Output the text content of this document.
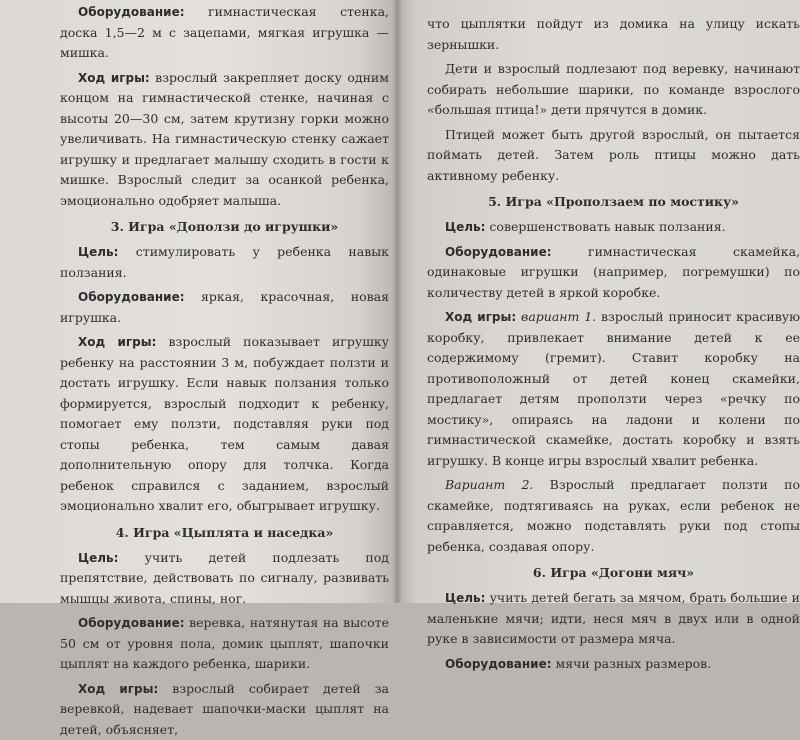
Оборудование: гимнастическая стенка, доска 1,5—2 м с зацепами, мягкая игрушка — мишка.

Ход игры: взрослый закрепляет доску одним концом на гимнастической стенке, начиная с высоты 20—30 см, затем крутизну горки можно увеличивать. На гимнастическую стенку сажает игрушку и предлагает малышу сходить в гости к мишке. Взрослый следит за осанкой ребенка, эмоционально одобряет малыша.

3. Игра «Доползи до игрушки»

Цель: стимулировать у ребенка навык ползания.

Оборудование: яркая, красочная, новая игрушка.

Ход игры: взрослый показывает игрушку ребенку на расстоянии 3 м, побуждает ползти и достать игрушку. Если навык ползания только формируется, взрослый подходит к ребенку, помогает ему ползти, подставляя руки под стопы ребенка, тем самым давая дополнительную опору для толчка. Когда ребенок справился с заданием, взрослый эмоционально хвалит его, обыгрывает игрушку.

4. Игра «Цыплята и наседка»

Цель: учить детей подлезать под препятствие, действовать по сигналу, развивать мышцы живота, спины, ног.

Оборудование: веревка, натянутая на высоте 50 см от уровня пола, домик цыплят, шапочки цыплят на каждого ребенка, шарики.

Ход игры: взрослый собирает детей за веревкой, надевает шапочки-маски цыплят на детей, объясняет,

что цыплятки пойдут из домика на улицу искать зернышки.

Дети и взрослый подлезают под веревку, начинают собирать небольшие шарики, по команде взрослого «большая птица!» дети прячутся в домик.

Птицей может быть другой взрослый, он пытается поймать детей. Затем роль птицы можно дать активному ребенку.

5. Игра «Проползаем по мостику»

Цель: совершенствовать навык ползания.

Оборудование: гимнастическая скамейка, одинаковые игрушки (например, погремушки) по количеству детей в яркой коробке.

Ход игры: вариант 1. взрослый приносит красивую коробку, привлекает внимание детей к ее содержимому (гремит). Ставит коробку на противоположный от детей конец скамейки, предлагает детям проползти через «речку по мостику», опираясь на ладони и колени по гимнастической скамейке, достать коробку и взять игрушку. В конце игры взрослый хвалит ребенка.

Вариант 2. Взрослый предлагает ползти по скамейке, подтягиваясь на руках, если ребенок не справляется, можно подставлять руки под стопы ребенка, создавая опору.

6. Игра «Догони мяч»

Цель: учить детей бегать за мячом, брать большие и маленькие мячи; идти, неся мяч в двух или в одной руке в зависимости от размера мяча.

Оборудование: мячи разных размеров.
